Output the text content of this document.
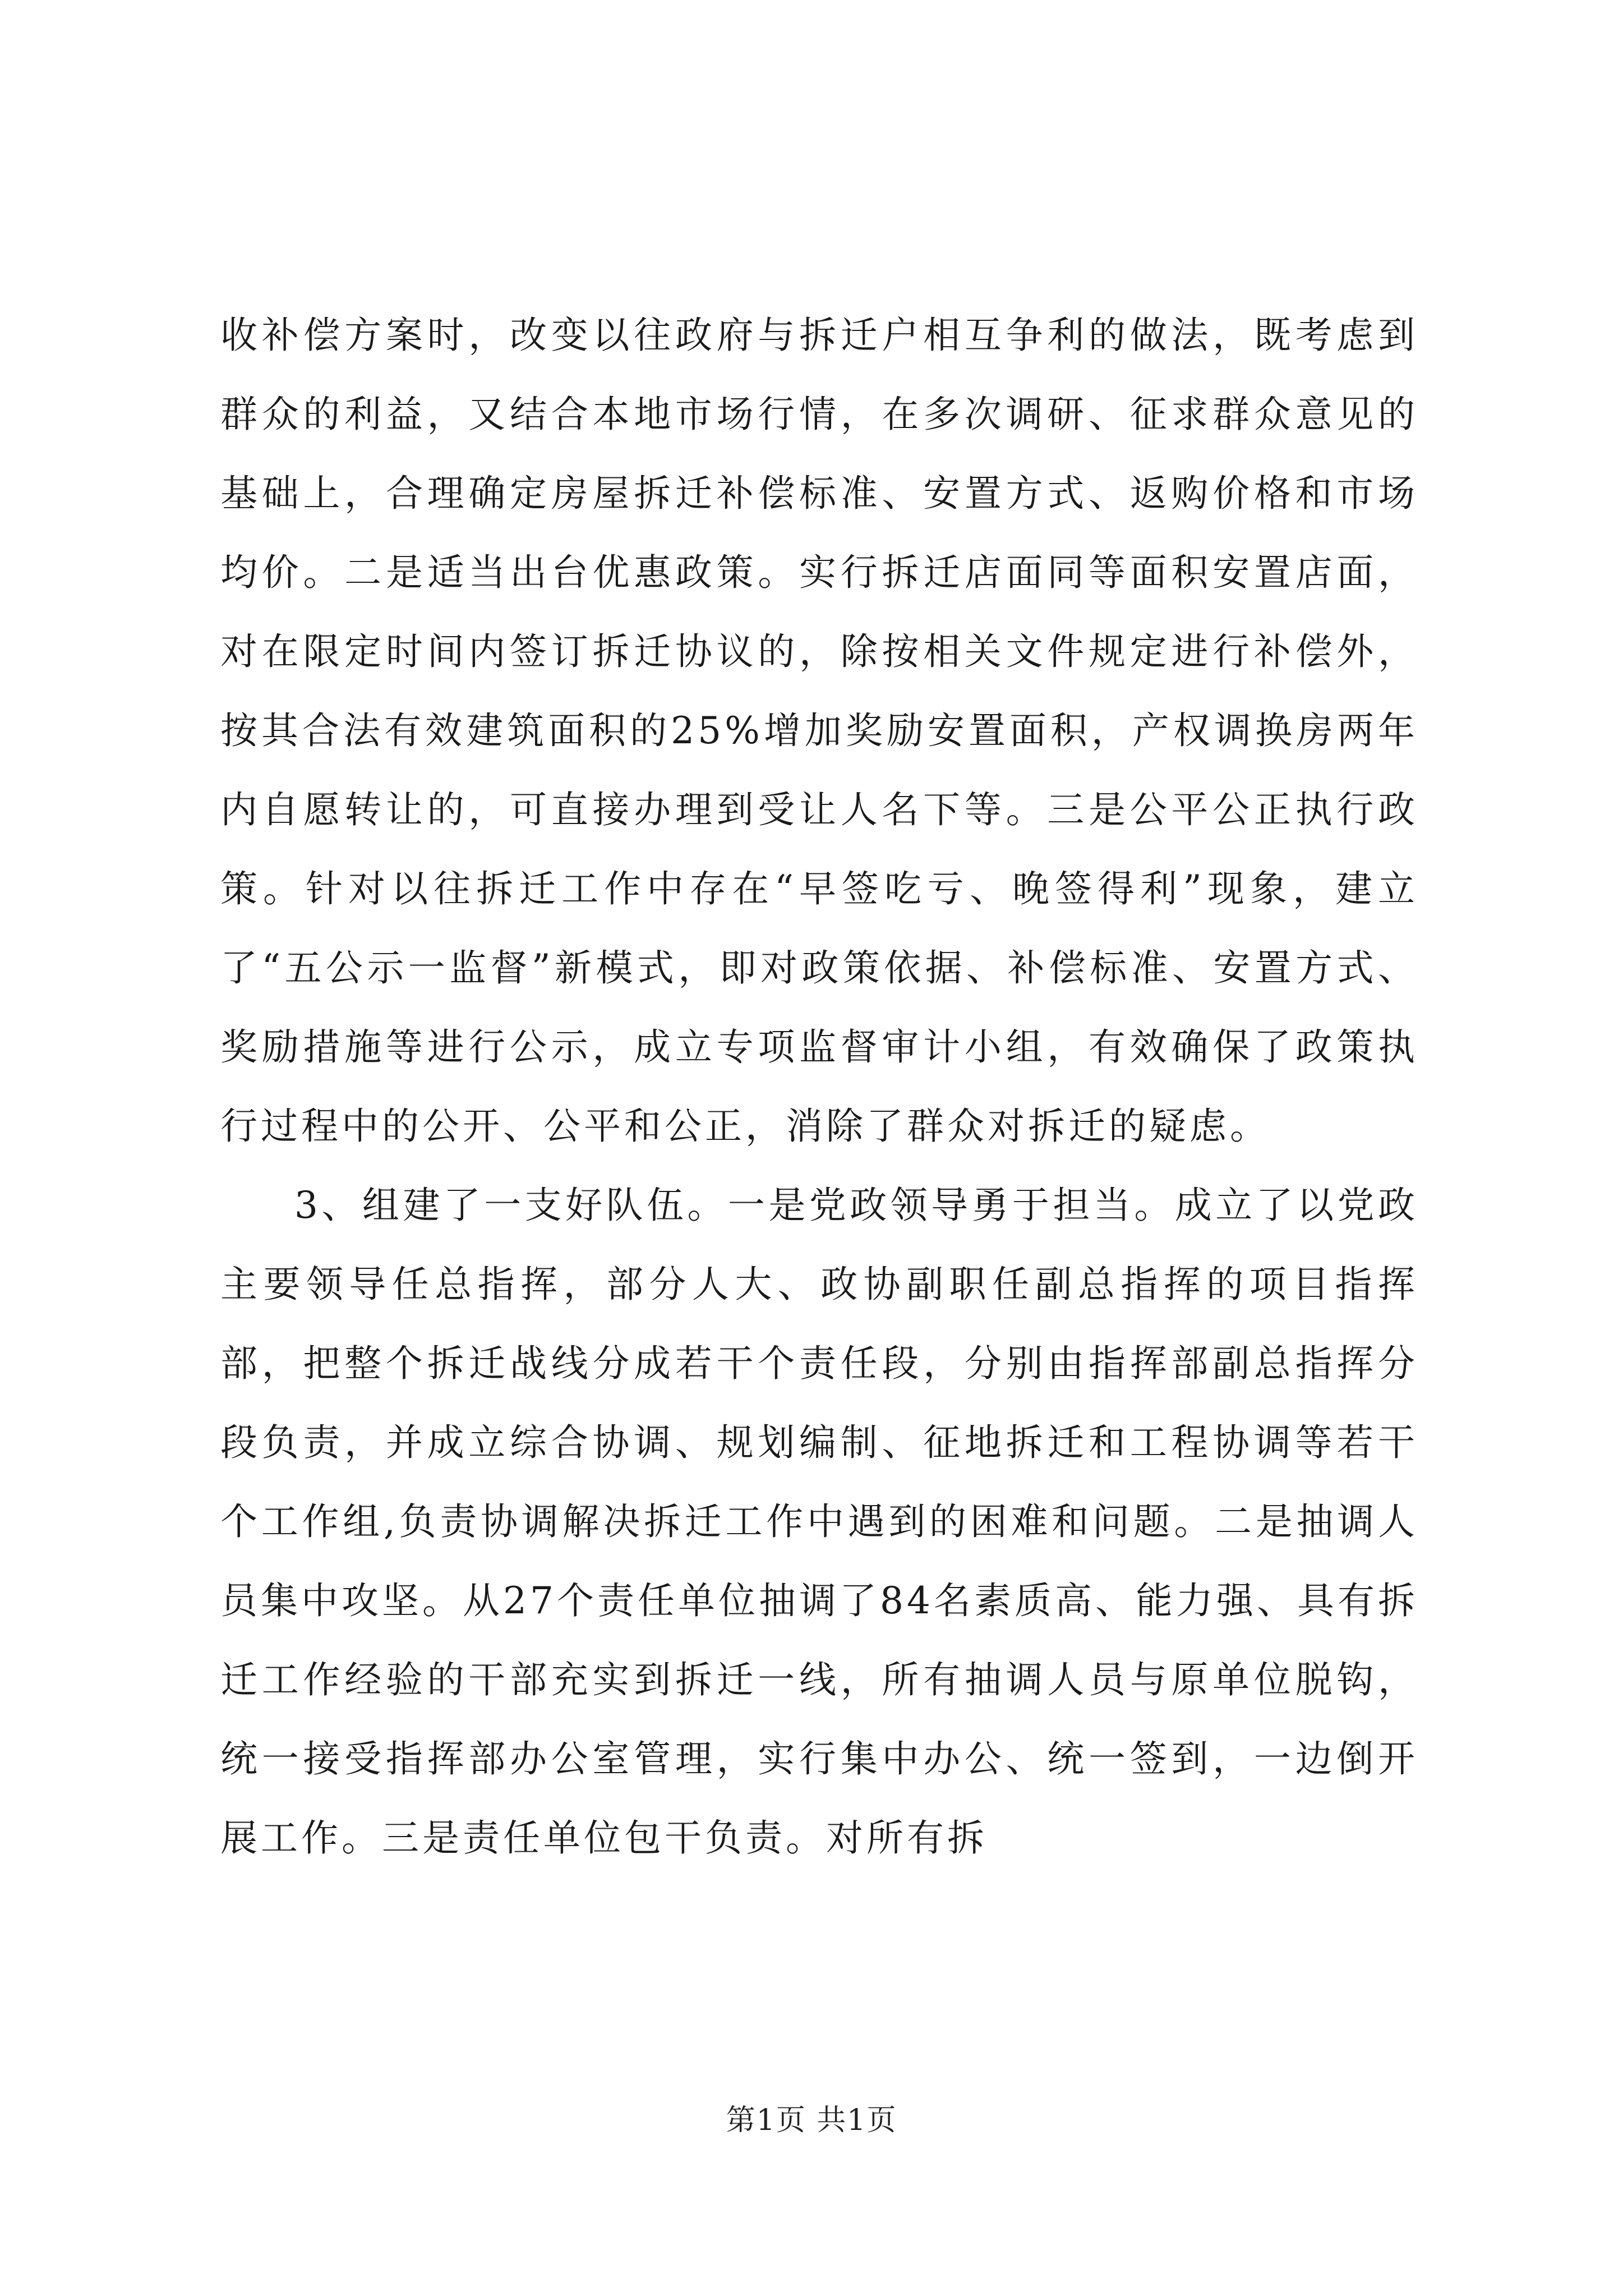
收补偿方案时，改变以往政府与拆迁户相互争利的做法，既考虑到群众的利益，又结合本地市场行情，在多次调研、征求群众意见的基础上，合理确定房屋拆迁补偿标准、安置方式、返购价格和市场均价。二是适当出台优惠政策。实行拆迁店面同等面积安置店面，对在限定时间内签订拆迁协议的，除按相关文件规定进行补偿外，按其合法有效建筑面积的25%增加奖励安置面积，产权调换房两年内自愿转让的，可直接办理到受让人名下等。三是公平公正执行政策。针对以往拆迁工作中存在“早签吃亏、晚签得利”现象，建立了“五公示一监督”新模式，即对政策依据、补偿标准、安置方式、奖励措施等进行公示，成立专项监督审计小组，有效确保了政策执行过程中的公开、公平和公正，消除了群众对拆迁的疑虑。

3、组建了一支好队伍。一是党政领导勇于担当。成立了以党政主要领导任总指挥，部分人大、政协副职任副总指挥的项目指挥部，把整个拆迁战线分成若干个责任段，分别由指挥部副总指挥分段负责，并成立综合协调、规划编制、征地拆迁和工程协调等若干个工作组,负责协调解决拆迁工作中遇到的困难和问题。二是抽调人员集中攻坚。从27个责任单位抽调了84名素质高、能力强、具有拆迁工作经验的干部充实到拆迁一线，所有抽调人员与原单位脱钩，统一接受指挥部办公室管理，实行集中办公、统一签到，一边倒开展工作。三是责任单位包干负责。对所有拆

第1页 共1页
